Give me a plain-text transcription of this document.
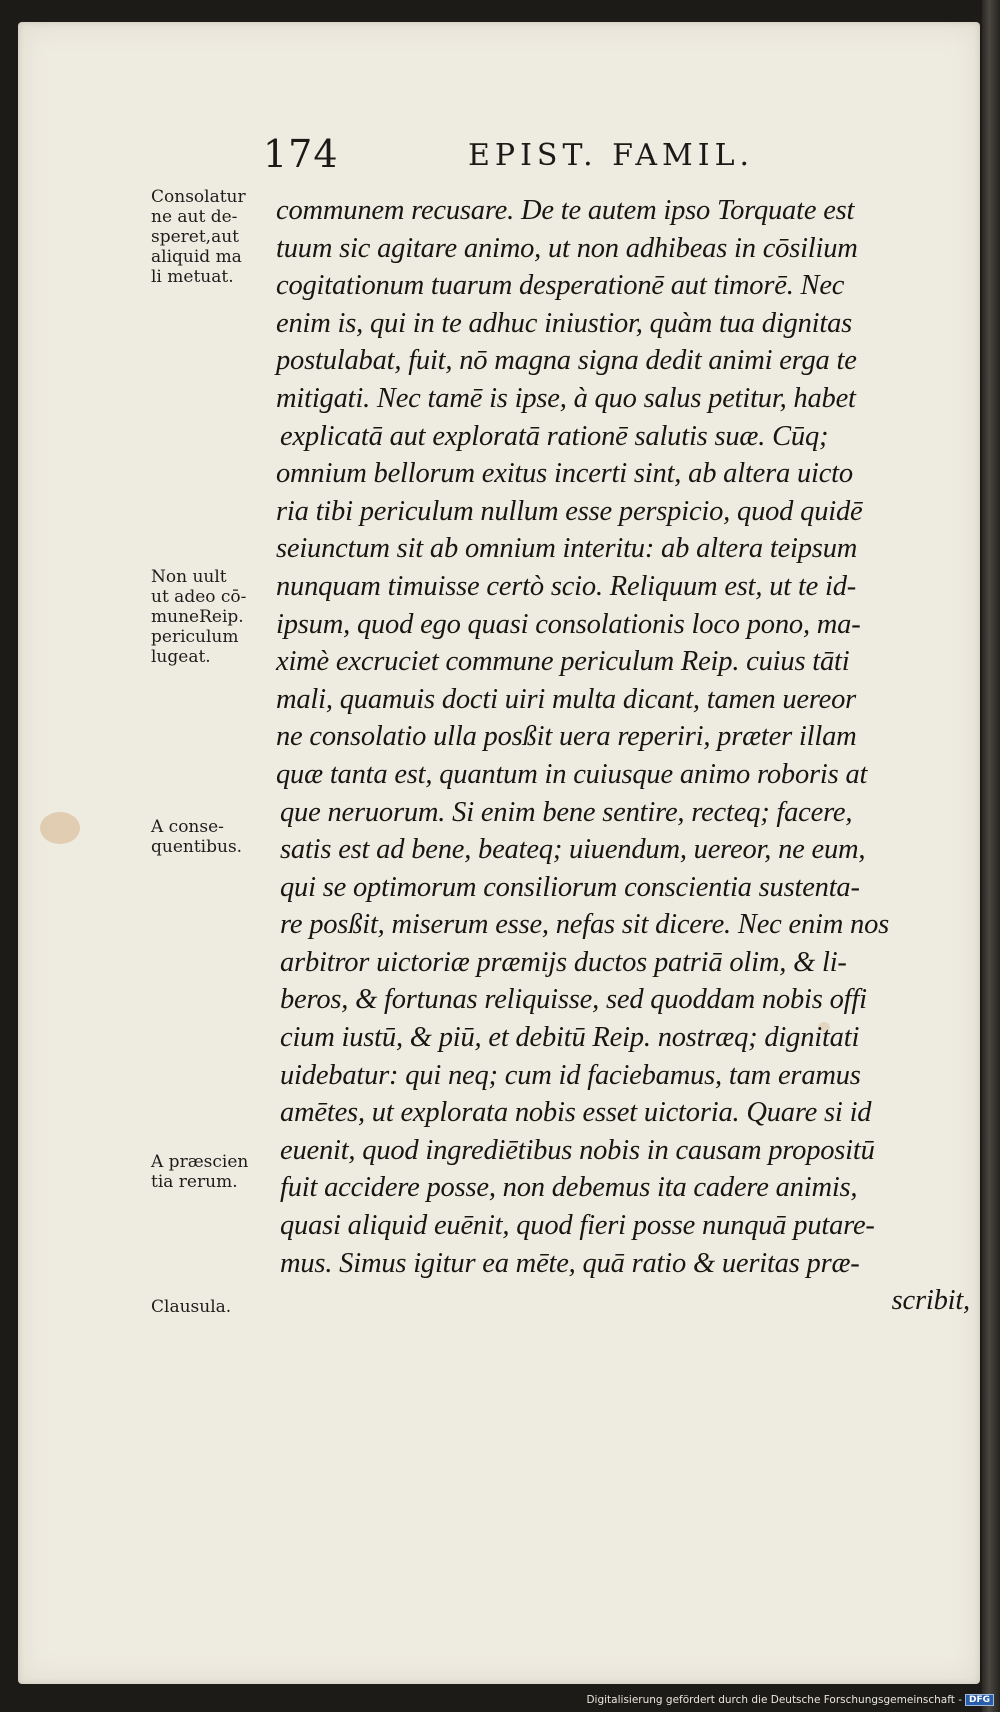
174	EPIST. FAMIL.
Consolatur
ne aut de-
speret,aut
aliquid ma
li metuat.
Non uult
ut adeo cō-
muneReip.
periculum
lugeat.
A conse-
quentibus.
A præscien
tia rerum.
Clausula.
communem recusare. De te autem ipso Torquate est
tuum sic agitare animo, ut non adhibeas in cōsilium
cogitationum tuarum desperationē aut timorē. Nec
enim is, qui in te adhuc iniustior, quàm tua dignitas
postulabat, fuit, nō magna signa dedit animi erga te
mitigati. Nec tamē is ipse, à quo salus petitur, habet
explicatā aut exploratā rationē salutis suæ. Cūq;
omnium bellorum exitus incerti sint, ab altera uicto
ria tibi periculum nullum esse perspicio, quod quidē
seiunctum sit ab omnium interitu: ab altera teipsum
nunquam timuisse certò scio. Reliquum est, ut te id-
ipsum, quod ego quasi consolationis loco pono, ma-
ximè excruciet commune periculum Reip. cuius tāti
mali, quamuis docti uiri multa dicant, tamen uereor
ne consolatio ulla posßit uera reperiri, præter illam
quæ tanta est, quantum in cuiusque animo roboris at
que neruorum. Si enim bene sentire, recteq; facere,
satis est ad bene, beateq; uiuendum, uereor, ne eum,
qui se optimorum consiliorum conscientia sustenta-
re posßit, miserum esse, nefas sit dicere. Nec enim nos
arbitror uictoriæ præmijs ductos patriā olim, & li-
beros, & fortunas reliquisse, sed quoddam nobis offi
cium iustū, & piū, et debitū Reip. nostræq; dignitati
uidebatur: qui neq; cum id faciebamus, tam eramus
amētes, ut explorata nobis esset uictoria. Quare si id
euenit, quod ingrediētibus nobis in causam propositū
fuit accidere posse, non debemus ita cadere animis,
quasi aliquid euēnit, quod fieri posse nunquā putare-
mus. Simus igitur ea mēte, quā ratio & ueritas præ-
scribit,
Digitalisierung gefördert durch die Deutsche Forschungsgemeinschaft - DFG
